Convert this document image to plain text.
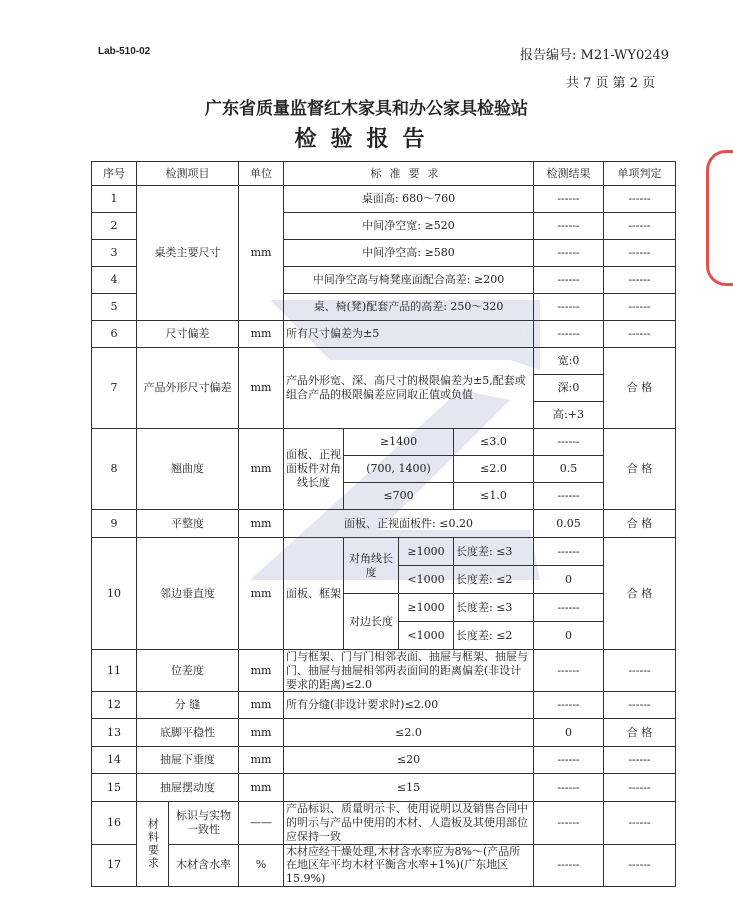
Lab-510-02	报告编号: M21-WY0249
共 7 页 第 2 页
广东省质量监督红木家具和办公家具检验站
检验报告
序号	检测项目		单位	标准要求				检测结果	单项判定
1	桌类主要尺寸		mm	桌面高: 680～760				------	------
2				中间净空宽: ≥520				------	------
3				中间净空高: ≥580				------	------
4				中间净空高与椅凳座面配合高差: ≥200				------	------
5				桌、椅(凳)配套产品的高差: 250～320				------	------
6	尺寸偏差		mm	所有尺寸偏差为±5				------	------
7	产品外形尺寸偏差		mm	产品外形宽、深、高尺寸的极限偏差为±5,配套或组合产品的极限偏差应同取正值或负值				宽:0	合 格
								深:0	
								高:+3	
8	翘曲度		mm	面板、正视面板件对角线长度	≥1400		≤3.0	------	合 格
					(700, 1400)		≤2.0	0.5	
					≤700		≤1.0	------	
9	平整度		mm	面板、正视面板件: ≤0.20				0.05	合 格
10	邻边垂直度		mm	面板、框架	对角线长度	≥1000	长度差: ≤3	------	合 格
						<1000	长度差: ≤2	0	
					对边长度	≥1000	长度差: ≤3	------	
						<1000	长度差: ≤2	0	
11	位差度		mm	门与框架、门与门相邻表面、抽屉与框架、抽屉与门、抽屉与抽屉相邻两表面间的距离偏差(非设计要求的距离)≤2.0				------	------
12	分 缝		mm	所有分缝(非设计要求时)≤2.00				------	------
13	底脚平稳性		mm	≤2.0				0	合 格
14	抽屉下垂度		mm	≤20				------	------
15	抽屉摆动度		mm	≤15				------	------
16	材料要求	标识与实物一致性	——	产品标识、质量明示卡、使用说明以及销售合同中的明示与产品中使用的木材、人造板及其使用部位应保持一致				------	------
17		木材含水率	%	木材应经干燥处理,木材含水率应为8%～(产品所在地区年平均木材平衡含水率+1%)(广东地区15.9%)				------	------
